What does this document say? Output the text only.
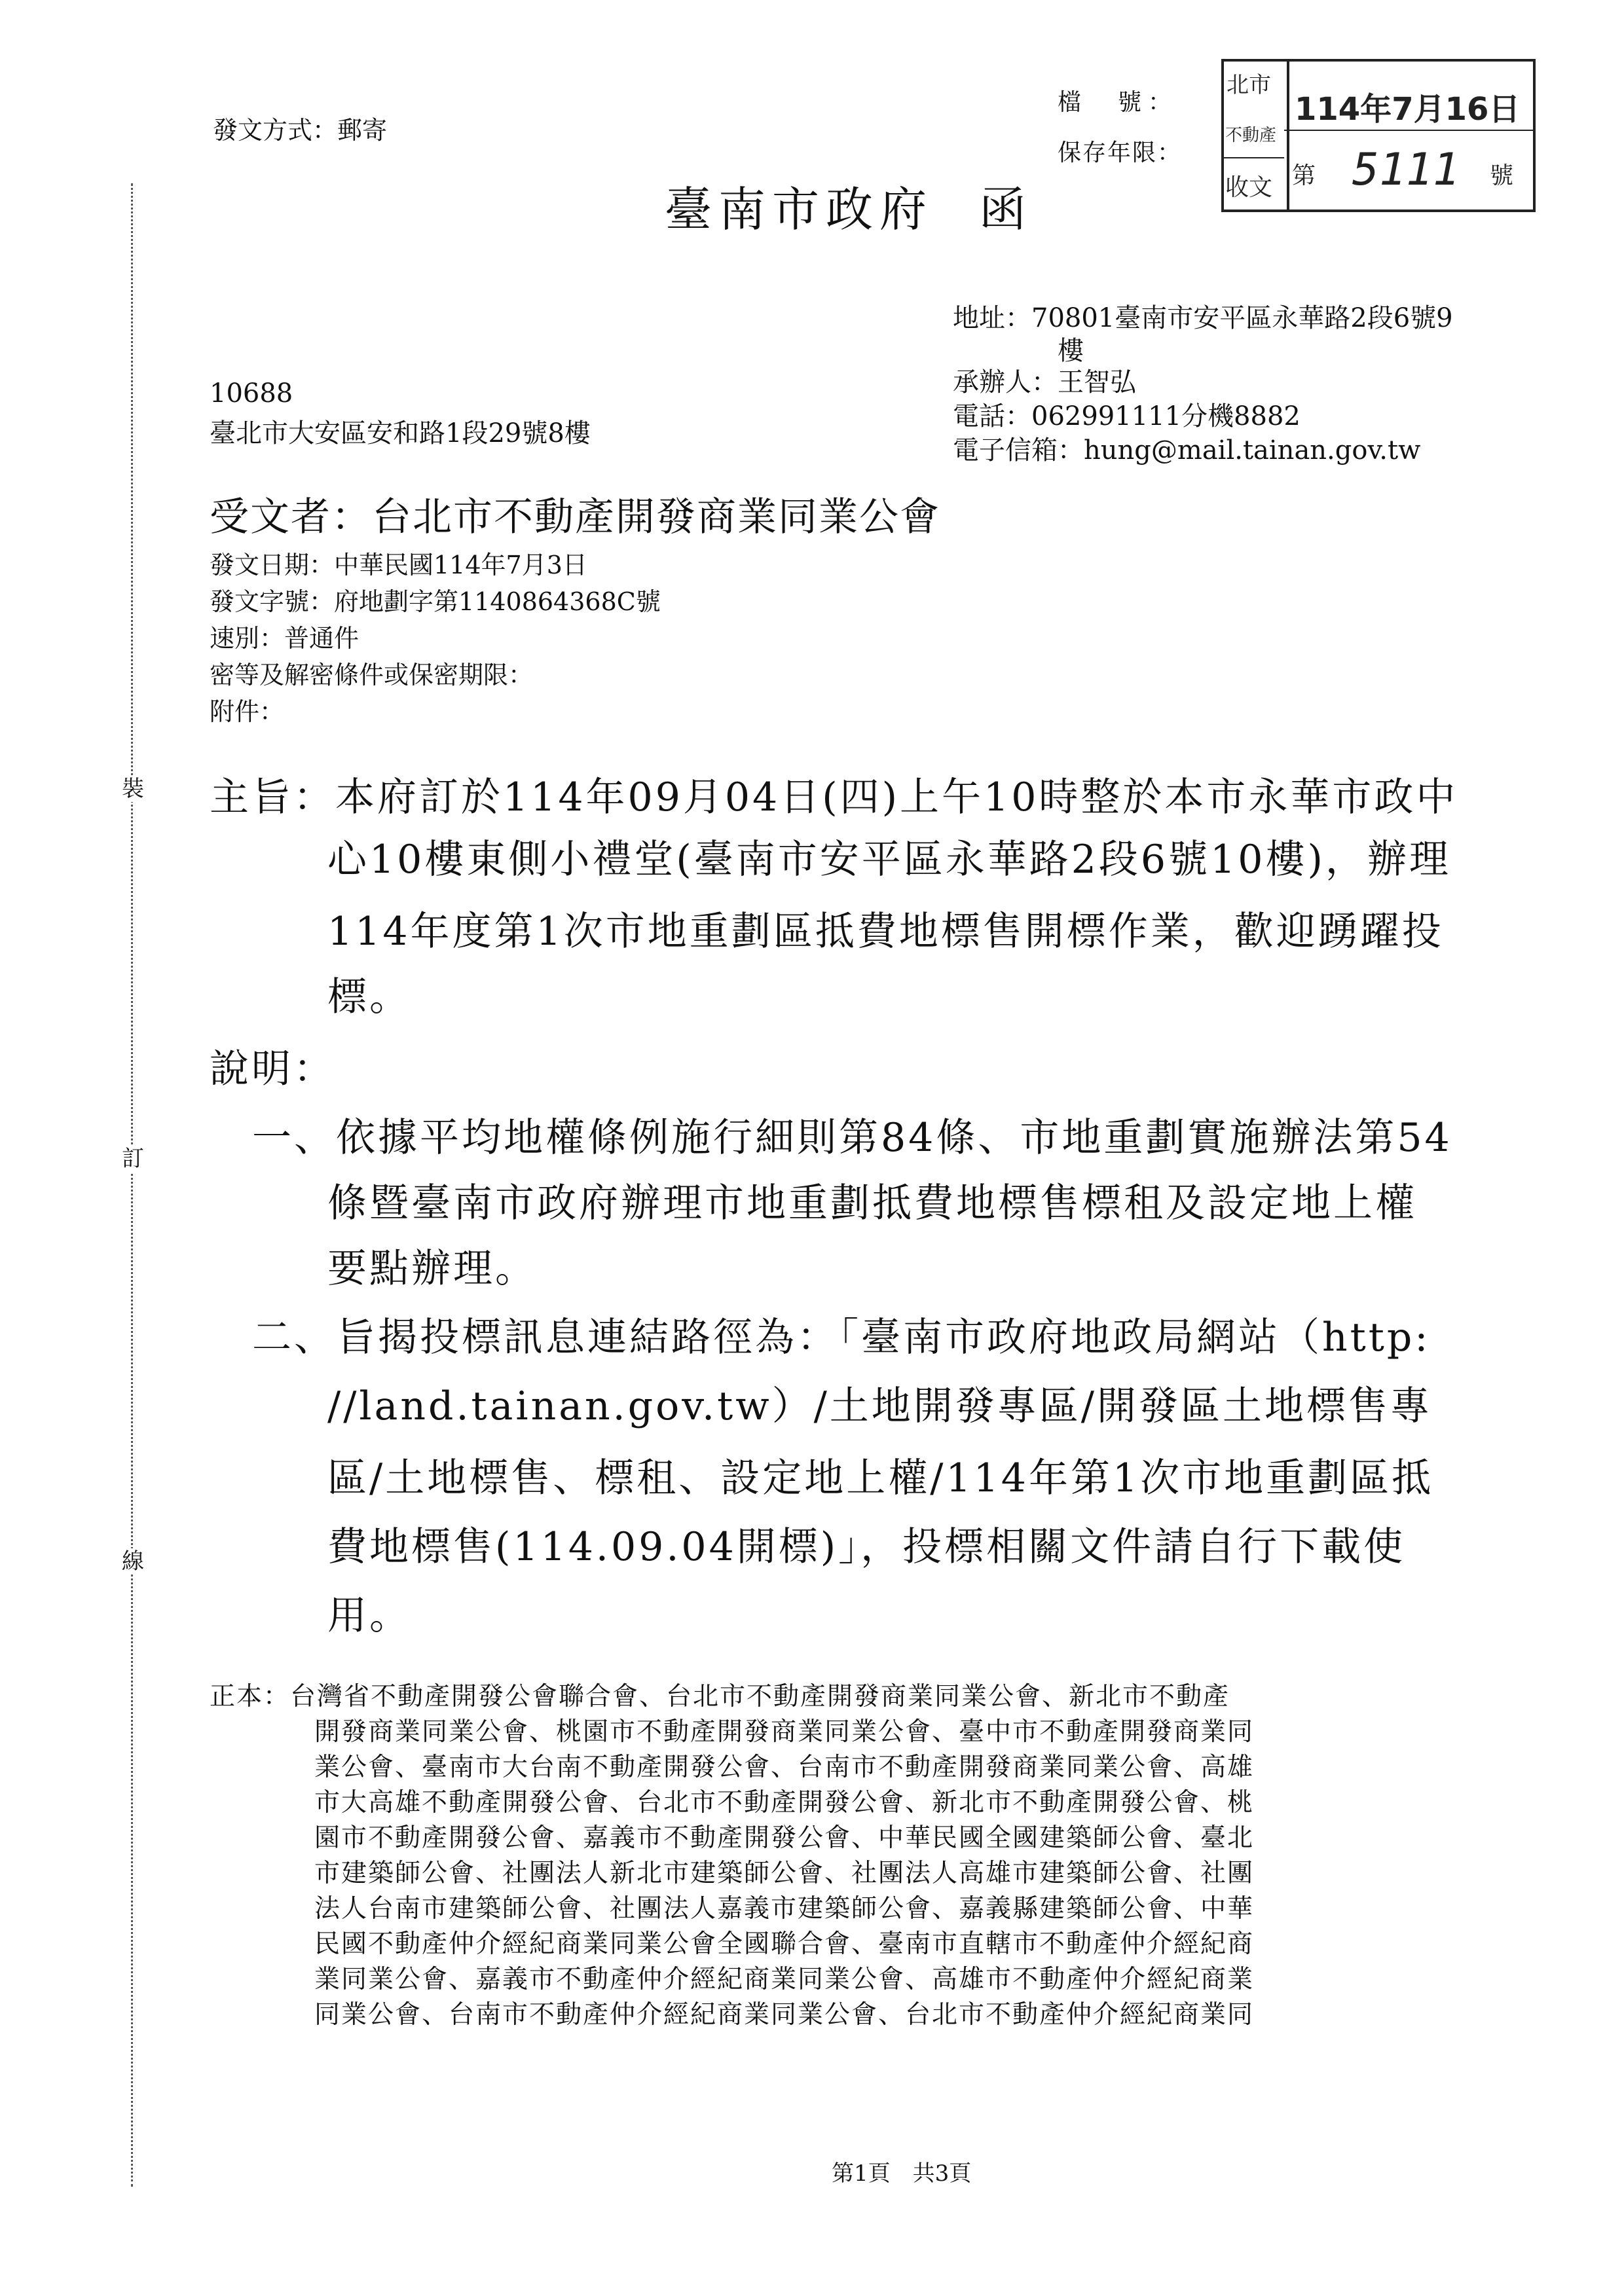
裝
訂
線
發文方式：郵寄
檔　號：
保存年限：
北市
不動產
收文
114年7月16日
第 5111 號
臺南市政府 函
地址：70801臺南市安平區永華路2段6號9
樓
承辦人：王智弘
電話：062991111分機8882
電子信箱：hung@mail.tainan.gov.tw
10688
臺北市大安區安和路1段29號8樓
受文者：台北市不動產開發商業同業公會
發文日期：中華民國114年7月3日
發文字號：府地劃字第1140864368C號
速別：普通件
密等及解密條件或保密期限：
附件：
主旨：本府訂於114年09月04日(四)上午10時整於本市永華市政中
心10樓東側小禮堂(臺南市安平區永華路2段6號10樓)，辦理
114年度第1次市地重劃區抵費地標售開標作業，歡迎踴躍投
標。
說明：
一、依據平均地權條例施行細則第84條、市地重劃實施辦法第54
條暨臺南市政府辦理市地重劃抵費地標售標租及設定地上權
要點辦理。
二、旨揭投標訊息連結路徑為：「臺南市政府地政局網站（http:
//land.tainan.gov.tw）/土地開發專區/開發區土地標售專
區/土地標售、標租、設定地上權/114年第1次市地重劃區抵
費地標售(114.09.04開標)」，投標相關文件請自行下載使
用。
正本：台灣省不動產開發公會聯合會、台北市不動產開發商業同業公會、新北市不動產
開發商業同業公會、桃園市不動產開發商業同業公會、臺中市不動產開發商業同
業公會、臺南市大台南不動產開發公會、台南市不動產開發商業同業公會、高雄
市大高雄不動產開發公會、台北市不動產開發公會、新北市不動產開發公會、桃
園市不動產開發公會、嘉義市不動產開發公會、中華民國全國建築師公會、臺北
市建築師公會、社團法人新北市建築師公會、社團法人高雄市建築師公會、社團
法人台南市建築師公會、社團法人嘉義市建築師公會、嘉義縣建築師公會、中華
民國不動產仲介經紀商業同業公會全國聯合會、臺南市直轄市不動產仲介經紀商
業同業公會、嘉義市不動產仲介經紀商業同業公會、高雄市不動產仲介經紀商業
同業公會、台南市不動產仲介經紀商業同業公會、台北市不動產仲介經紀商業同
第1頁　共3頁
